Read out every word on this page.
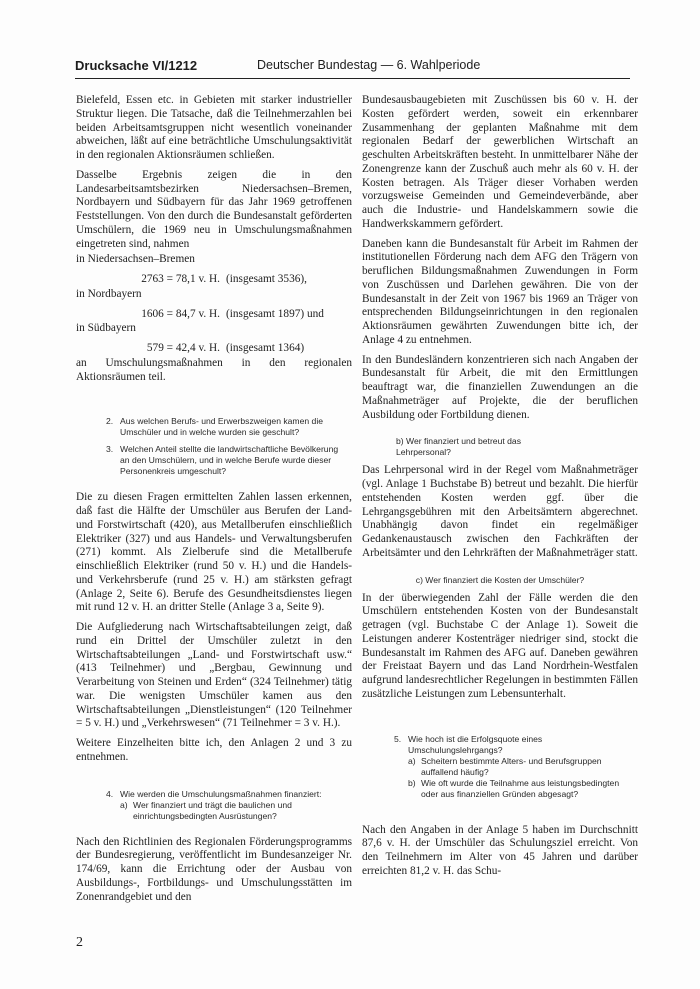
Drucksache VI/1212	Deutscher Bundestag — 6. Wahlperiode

Bielefeld, Essen etc. in Gebieten mit starker industrieller Struktur liegen. Die Tatsache, daß die Teilnehmerzahlen bei beiden Arbeitsamtsgruppen nicht wesentlich voneinander abweichen, läßt auf eine beträchtliche Umschulungsaktivität in den regionalen Aktionsräumen schließen.

Dasselbe Ergebnis zeigen die in den Landesarbeitsamtsbezirken Niedersachsen–Bremen, Nordbayern und Südbayern für das Jahr 1969 getroffenen Feststellungen. Von den durch die Bundesanstalt geförderten Umschülern, die 1969 neu in Umschulungsmaßnahmen eingetreten sind, nahmen

in Niedersachsen–Bremen

2763 = 78,1 v. H. (insgesamt 3536),

in Nordbayern

1606 = 84,7 v. H. (insgesamt 1897) und

in Südbayern

579 = 42,4 v. H. (insgesamt 1364)

an Umschulungsmaßnahmen in den regionalen Aktionsräumen teil.

2. Aus welchen Berufs- und Erwerbszweigen kamen die Umschüler und in welche wurden sie geschult?
3. Welchen Anteil stellte die landwirtschaftliche Bevölkerung an den Umschülern, und in welche Berufe wurde dieser Personenkreis umgeschult?

Die zu diesen Fragen ermittelten Zahlen lassen erkennen, daß fast die Hälfte der Umschüler aus Berufen der Land- und Forstwirtschaft (420), aus Metallberufen einschließlich Elektriker (327) und aus Handels- und Verwaltungsberufen (271) kommt. Als Zielberufe sind die Metallberufe einschließlich Elektriker (rund 50 v. H.) und die Handels- und Verkehrsberufe (rund 25 v. H.) am stärksten gefragt (Anlage 2, Seite 6). Berufe des Gesundheitsdienstes liegen mit rund 12 v. H. an dritter Stelle (Anlage 3 a, Seite 9).

Die Aufgliederung nach Wirtschaftsabteilungen zeigt, daß rund ein Drittel der Umschüler zuletzt in den Wirtschaftsabteilungen „Land- und Forstwirtschaft usw.“ (413 Teilnehmer) und „Bergbau, Gewinnung und Verarbeitung von Steinen und Erden“ (324 Teilnehmer) tätig war. Die wenigsten Umschüler kamen aus den Wirtschaftsabteilungen „Dienstleistungen“ (120 Teilnehmer = 5 v. H.) und „Verkehrswesen“ (71 Teilnehmer = 3 v. H.).

Weitere Einzelheiten bitte ich, den Anlagen 2 und 3 zu entnehmen.

4. Wie werden die Umschulungsmaßnahmen finanziert:
a) Wer finanziert und trägt die baulichen und einrichtungsbedingten Ausrüstungen?

Nach den Richtlinien des Regionalen Förderungsprogramms der Bundesregierung, veröffentlicht im Bundesanzeiger Nr. 174/69, kann die Errichtung oder der Ausbau von Ausbildungs-, Fortbildungs- und Umschulungsstätten im Zonenrandgebiet und den

Bundesausbaugebieten mit Zuschüssen bis 60 v. H. der Kosten gefördert werden, soweit ein erkennbarer Zusammenhang der geplanten Maßnahme mit dem regionalen Bedarf der gewerblichen Wirtschaft an geschulten Arbeitskräften besteht. In unmittelbarer Nähe der Zonengrenze kann der Zuschuß auch mehr als 60 v. H. der Kosten betragen. Als Träger dieser Vorhaben werden vorzugsweise Gemeinden und Gemeindeverbände, aber auch die Industrie- und Handelskammern sowie die Handwerkskammern gefördert.

Daneben kann die Bundesanstalt für Arbeit im Rahmen der institutionellen Förderung nach dem AFG den Trägern von beruflichen Bildungsmaßnahmen Zuwendungen in Form von Zuschüssen und Darlehen gewähren. Die von der Bundesanstalt in der Zeit von 1967 bis 1969 an Träger von entsprechenden Bildungseinrichtungen in den regionalen Aktionsräumen gewährten Zuwendungen bitte ich, der Anlage 4 zu entnehmen.

In den Bundesländern konzentrieren sich nach Angaben der Bundesanstalt für Arbeit, die mit den Ermittlungen beauftragt war, die finanziellen Zuwendungen an die Maßnahmeträger auf Projekte, die der beruflichen Ausbildung oder Fortbildung dienen.

b) Wer finanziert und betreut das Lehrpersonal?

Das Lehrpersonal wird in der Regel vom Maßnahmeträger (vgl. Anlage 1 Buchstabe B) betreut und bezahlt. Die hierfür entstehenden Kosten werden ggf. über die Lehrgangsgebühren mit den Arbeitsämtern abgerechnet. Unabhängig davon findet ein regelmäßiger Gedankenaustausch zwischen den Fachkräften der Arbeitsämter und den Lehrkräften der Maßnahmeträger statt.

c) Wer finanziert die Kosten der Umschüler?

In der überwiegenden Zahl der Fälle werden die den Umschülern entstehenden Kosten von der Bundesanstalt getragen (vgl. Buchstabe C der Anlage 1). Soweit die Leistungen anderer Kostenträger niedriger sind, stockt die Bundesanstalt im Rahmen des AFG auf. Daneben gewähren der Freistaat Bayern und das Land Nordrhein-Westfalen aufgrund landesrechtlicher Regelungen in bestimmten Fällen zusätzliche Leistungen zum Lebensunterhalt.

5. Wie hoch ist die Erfolgsquote eines Umschulungslehrgangs?
a) Scheitern bestimmte Alters- und Berufsgruppen auffallend häufig?
b) Wie oft wurde die Teilnahme aus leistungsbedingten oder aus finanziellen Gründen abgesagt?

Nach den Angaben in der Anlage 5 haben im Durchschnitt 87,6 v. H. der Umschüler das Schulungsziel erreicht. Von den Teilnehmern im Alter von 45 Jahren und darüber erreichten 81,2 v. H. das Schu-

2
